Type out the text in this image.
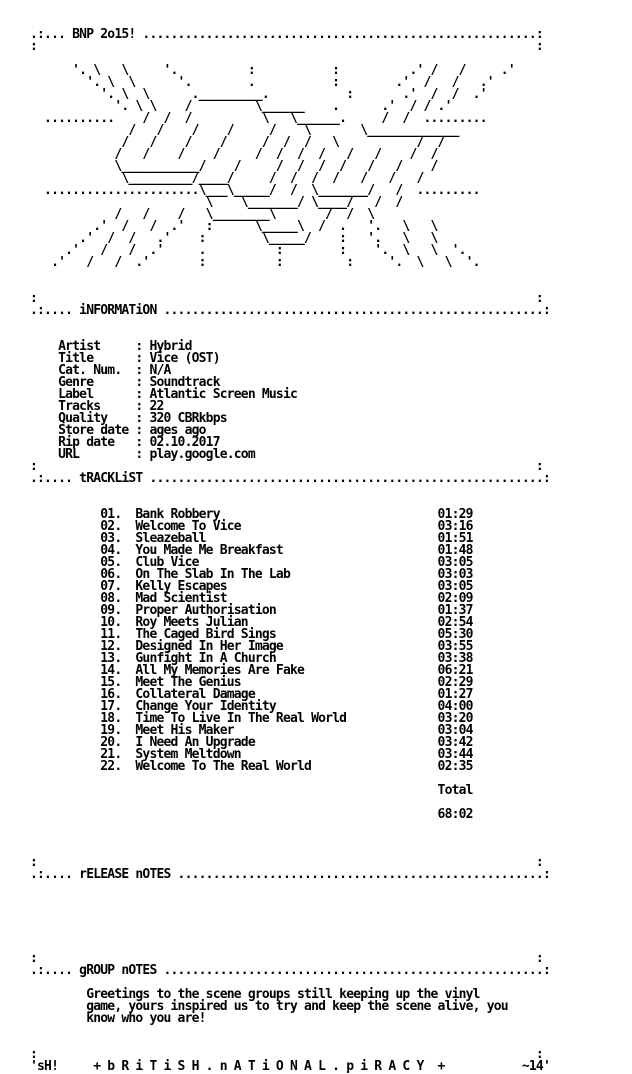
.:... BNP 2o15! ........................................................:
:                                                                       :

'. \   \     '.          :           :          .' /   /     .'
'. \  \      '.        .           :        .'  /   /   .'
'. \  \      ._________.           :       .'  /  /  .'
'. \ \    /         \______    .      .'  / / .'
..........    /  /  /          \   \______.     /  /  .........
/   /    /    /     /    \       \_____________
/   /    /    /     /  /  /   \           /  /
/   /    /    /     /  /  /  /   /   /    /  /
\___________/    /     /  /  /  /   /   /    /
\_________/____/     /  /  /  /   /   /   /
......................\___\_____/  /  \_______/   /  .........
\    \_______/ \____/   /  /
/   /    /   \________\       /  /  \
.'  /   /  .'   :      \_____\  /  .   '.   \   \
.'  /  /   .'    :        \_____/    :   '.   \   \
.'   /   /  .'     .          :        :    '.  \   \  '.
.'   /   /  .'       :          :         :     '.  \   \  '.

:                                                                       :
.:.... iNFORMATiON ......................................................:

Artist     : Hybrid
Title      : Vice (OST)
Cat. Num.  : N/A
Genre      : Soundtrack
Label      : Atlantic Screen Music
Tracks     : 22
Quality    : 320 CBRkbps
Store date : ages ago
Rip date   : 02.10.2017
URL        : play.google.com
:                                                                       :
.:.... tRACKLiST ........................................................:

01.  Bank Robbery                               01:29
02.  Welcome To Vice                            03:16
03.  Sleazeball                                 01:51
04.  You Made Me Breakfast                      01:48
05.  Club Vice                                  03:05
06.  On The Slab In The Lab                     03:03
07.  Kelly Escapes                              03:05
08.  Mad Scientist                              02:09
09.  Proper Authorisation                       01:37
10.  Roy Meets Julian                           02:54
11.  The Caged Bird Sings                       05:30
12.  Designed In Her Image                      03:55
13.  Gunfight In A Church                       03:38
14.  All My Memories Are Fake                   06:21
15.  Meet The Genius                            02:29
16.  Collateral Damage                          01:27
17.  Change Your Identity                       04:00
18.  Time To Live In The Real World             03:20
19.  Meet His Maker                             03:04
20.  I Need An Upgrade                          03:42
21.  System Meltdown                            03:44
22.  Welcome To The Real World                  02:35

Total

68:02

:                                                                       :
.:.... rELEASE nOTES ....................................................:

:                                                                       :
.:.... gROUP nOTES ......................................................:

Greetings to the scene groups still keeping up the vinyl
game, yours inspired us to try and keep the scene alive, you
know who you are!

:                                                                       :
'sH!     + b R i T i S H . n A T i O N A L . p i R A C Y  +           ~14'
